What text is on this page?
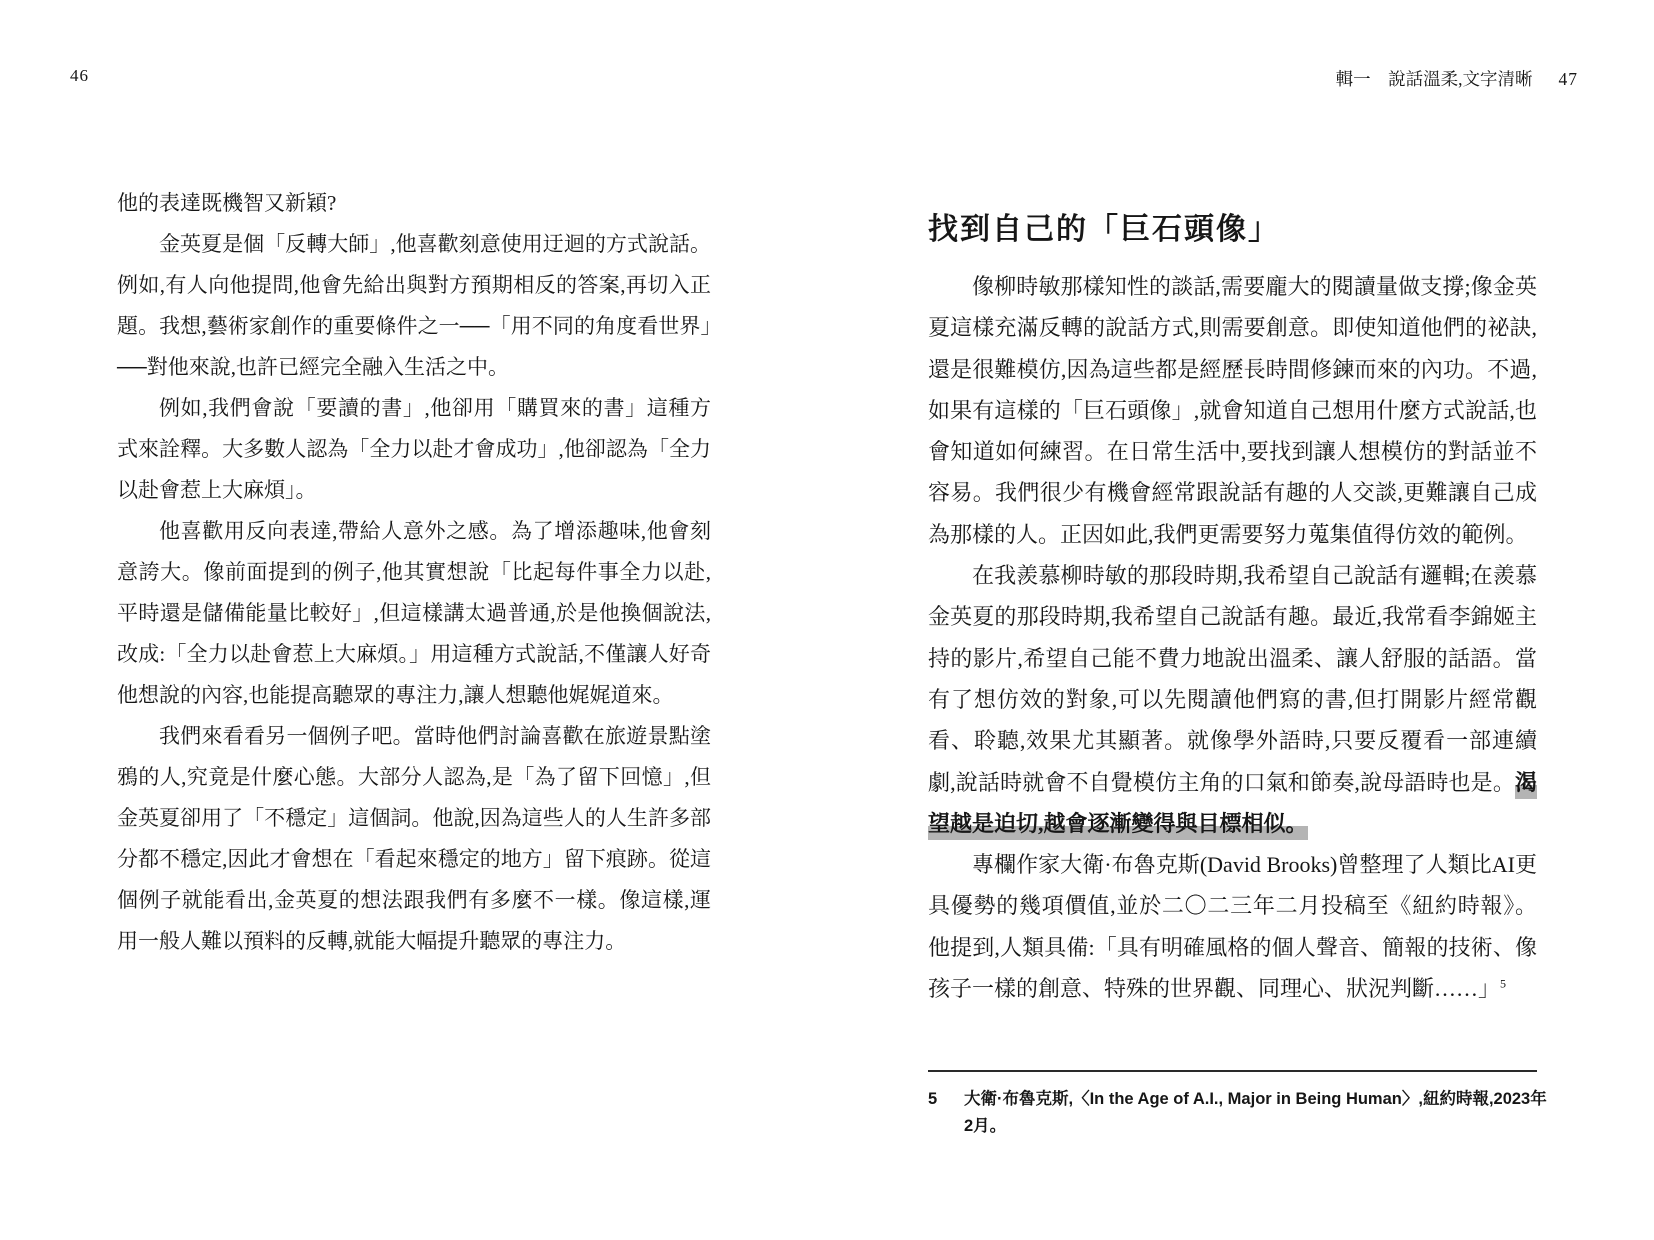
46

他的表達既機智又新穎?

金英夏是個「反轉大師」,他喜歡刻意使用迂迴的方式說話。例如,有人向他提問,他會先給出與對方預期相反的答案,再切入正題。我想,藝術家創作的重要條件之一──「用不同的角度看世界」──對他來說,也許已經完全融入生活之中。

例如,我們會說「要讀的書」,他卻用「購買來的書」這種方式來詮釋。大多數人認為「全力以赴才會成功」,他卻認為「全力以赴會惹上大麻煩」。

他喜歡用反向表達,帶給人意外之感。為了增添趣味,他會刻意誇大。像前面提到的例子,他其實想說「比起每件事全力以赴,平時還是儲備能量比較好」,但這樣講太過普通,於是他換個說法,改成:「全力以赴會惹上大麻煩。」用這種方式說話,不僅讓人好奇他想說的內容,也能提高聽眾的專注力,讓人想聽他娓娓道來。

我們來看看另一個例子吧。當時他們討論喜歡在旅遊景點塗鴉的人,究竟是什麼心態。大部分人認為,是「為了留下回憶」,但金英夏卻用了「不穩定」這個詞。他說,因為這些人的人生許多部分都不穩定,因此才會想在「看起來穩定的地方」留下痕跡。從這個例子就能看出,金英夏的想法跟我們有多麼不一樣。像這樣,運用一般人難以預料的反轉,就能大幅提升聽眾的專注力。

輯一　說話溫柔,文字清晰 47
找到自己的「巨石頭像」

像柳時敏那樣知性的談話,需要龐大的閱讀量做支撐;像金英夏這樣充滿反轉的說話方式,則需要創意。即使知道他們的祕訣,還是很難模仿,因為這些都是經歷長時間修鍊而來的內功。不過,如果有這樣的「巨石頭像」,就會知道自己想用什麼方式說話,也會知道如何練習。在日常生活中,要找到讓人想模仿的對話並不容易。我們很少有機會經常跟說話有趣的人交談,更難讓自己成為那樣的人。正因如此,我們更需要努力蒐集值得仿效的範例。

在我羨慕柳時敏的那段時期,我希望自己說話有邏輯;在羨慕金英夏的那段時期,我希望自己說話有趣。最近,我常看李錦姬主持的影片,希望自己能不費力地說出溫柔、讓人舒服的話語。當有了想仿效的對象,可以先閱讀他們寫的書,但打開影片經常觀看、聆聽,效果尤其顯著。就像學外語時,只要反覆看一部連續劇,說話時就會不自覺模仿主角的口氣和節奏,說母語時也是。渴望越是迫切,越會逐漸變得與目標相似。

專欄作家大衛·布魯克斯(David Brooks)曾整理了人類比AI更具優勢的幾項價值,並於二〇二三年二月投稿至《紐約時報》。他提到,人類具備:「具有明確風格的個人聲音、簡報的技術、像孩子一樣的創意、特殊的世界觀、同理心、狀況判斷……」$^5$

5	大衛·布魯克斯,〈In the Age of A.I., Major in Being Human〉,紐約時報,2023年2月。
